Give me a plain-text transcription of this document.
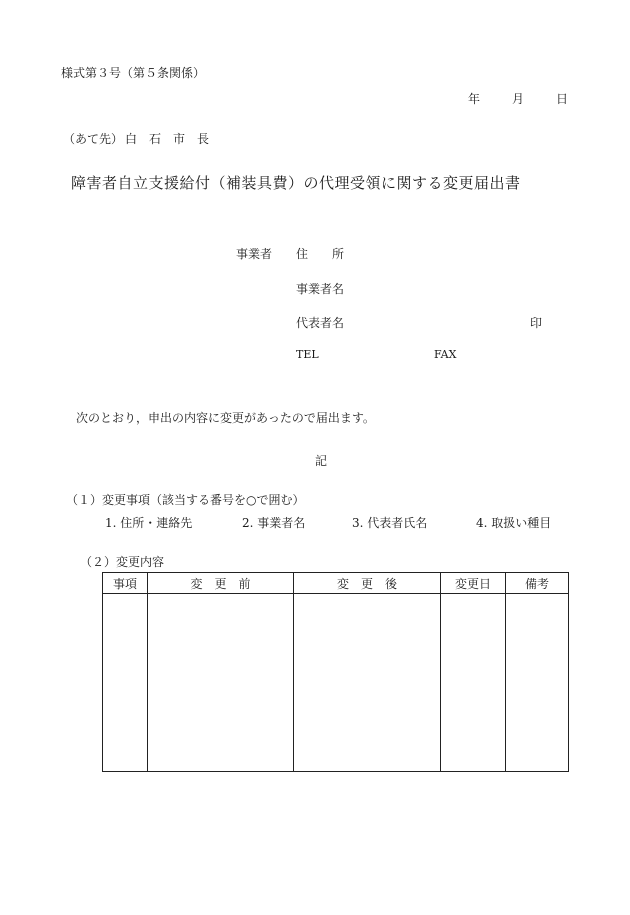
様式第３号（第５条関係）
年	月	日
（あて先） 白　石　市　長
障害者自立支援給付（補装具費）の代理受領に関する変更届出書
事業者 住　　所
事業者名
代表者名	印
TEL	FAX
次のとおり，申出の内容に変更があったので届出ます。
記
（１）変更事項（該当する番号を○で囲む）
1. 住所・連絡先	2. 事業者名	3. 代表者氏名	4. 取扱い種目
（２）変更内容
事項	変　更　前	変　更　後	変更日	備考
